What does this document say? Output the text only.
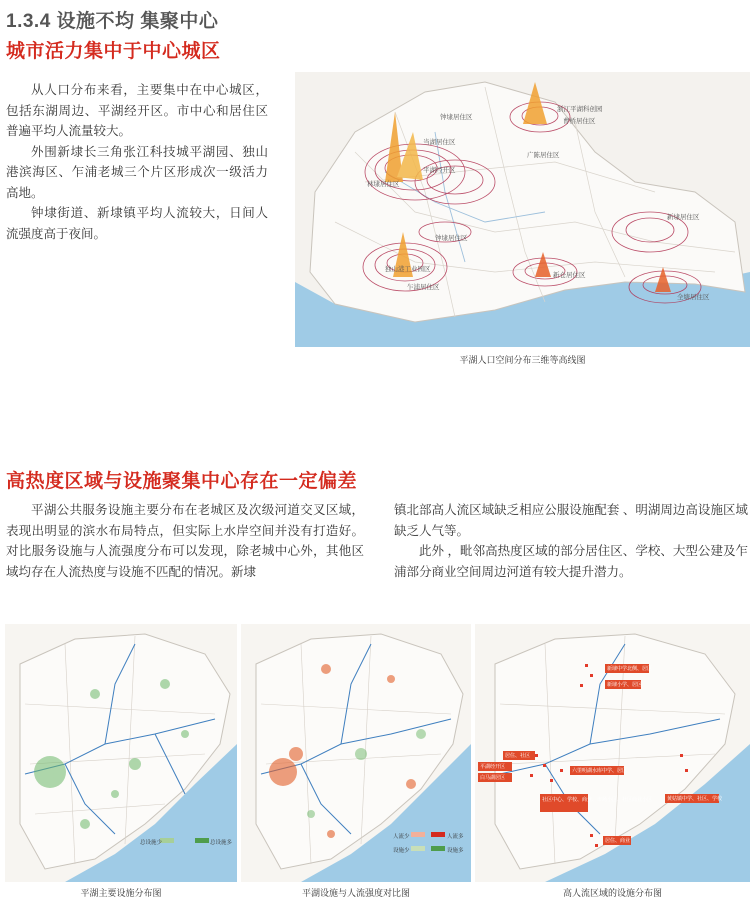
1.3.4 设施不均 集聚中心
城市活力集中于中心城区

从人口分布来看，主要集中在中心城区，包括东湖周边、平湖经开区。市中心和居住区普遍平均人流量较大。

外围新埭长三角张江科技城平湖园、独山港滨海区、乍浦老城三个片区形成次一级活力高地。

钟埭街道、新埭镇平均人流较大，日间人流强度高于夜间。

钟埭居住区
浙江平湖科创园
曹桥居住区
当湖居住区
平湖经开区
广陈居住区
林埭居住区
新埭居住区
钟埭居住区
独山港工业园区
新仓居住区
乍浦居住区
全塘居住区
平湖人口空间分布三维等高线图
高热度区域与设施聚集中心存在一定偏差

平湖公共服务设施主要分布在老城区及次级河道交叉区域，表现出明显的滨水布局特点，但实际上水岸空间并没有打造好。对比服务设施与人流强度分布可以发现，除老城中心外，其他区域均存在人流热度与设施不匹配的情况。新埭

镇北部高人流区域缺乏相应公服设施配套 、明湖周边高设施区域缺乏人气等。

此外 ，毗邻高热度区域的部分居住区、学校、大型公建及乍浦部分商业空间周边河道有较大提升潜力。

总设施少	总设施多
平湖主要设施分布图
人流少	人流多
设施少	设施多
平湖设施与人流强度对比图
新埭中学北侧、居区
新埭小学、居区
居住、社区
平湖经开区
白马湖居区
六里明湖水库中学、居区
社区中心、学校、商业、市场小区、社区商业小区
居住、商业
黄姑镇中学、社区、学校
高人流区域的设施分布图
